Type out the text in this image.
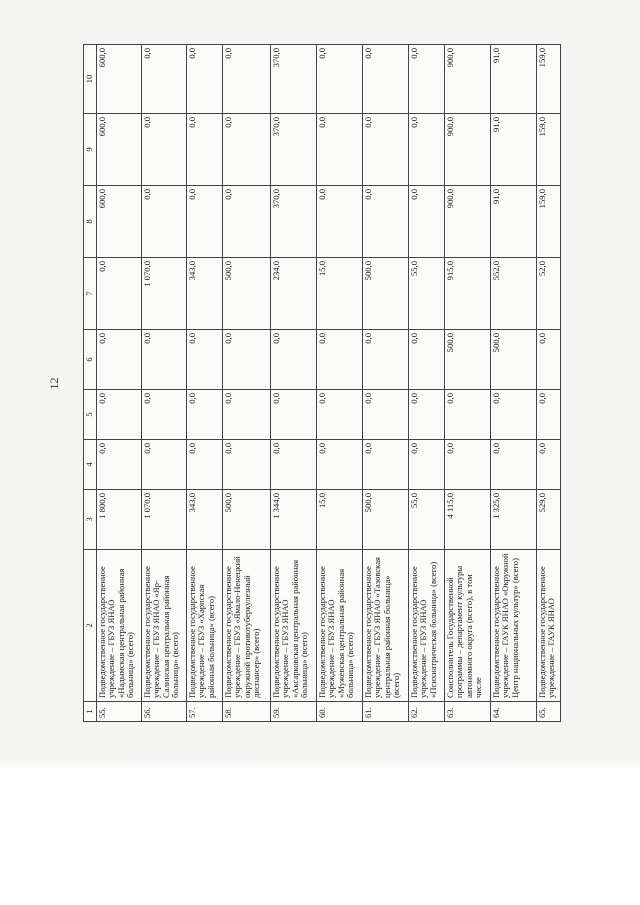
12
1	2	3	4	5	6	7	8	9	10
55.	Подведомственное государственное учреждение – ГБУЗ ЯНАО «Надымская центральная районная больница» (всего)	1 800,0	0,0	0,0	0,0	0,0	600,0	600,0	600,0
56.	Подведомственное государственное учреждение – ГБУЗ ЯНАО «Яр-Салинская центральная районная больница» (всего)	1 070,0	0,0	0,0	0,0	1 070,0	0,0	0,0	0,0
57.	Подведомственное государственное учреждение – ГБУЗ «Харпская районная больница» (всего)	343,0	0,0	0,0	0,0	343,0	0,0	0,0	0,0
58.	Подведомственное государственное учреждение – ГБУЗ «Ямало-Ненецкий окружной противотуберкулезный диспансер» (всего)	500,0	0,0	0,0	0,0	500,0	0,0	0,0	0,0
59.	Подведомственное государственное учреждение – ГБУЗ ЯНАО «Аксарковская центральная районная больница» (всего)	1 344,0	0,0	0,0	0,0	234,0	370,0	370,0	370,0
60.	Подведомственное государственное учреждение – ГБУЗ ЯНАО «Мужевская центральная районная больница» (всего)	15,0	0,0	0,0	0,0	15,0	0,0	0,0	0,0
61.	Подведомственное государственное учреждение – ГБУЗ ЯНАО «Тазовская центральная районная больница» (всего)	500,0	0,0	0,0	0,0	500,0	0,0	0,0	0,0
62.	Подведомственное государственное учреждение – ГБУЗ ЯНАО «Психиатрическая больница» (всего)	55,0	0,0	0,0	0,0	55,0	0,0	0,0	0,0
63.	Соисполнитель Государственной программы – департамент культуры автономного округа (всего), в том числе	4 115,0	0,0	0,0	500,0	915,0	900,0	900,0	900,0
64.	Подведомственное государственное учреждение – ГАУК ЯНАО «Окружной Центр национальных культур» (всего)	1 325,0	0,0	0,0	500,0	552,0	91,0	91,0	91,0
65.	Подведомственное государственное учреждение – ГАУК ЯНАО	529,0	0,0	0,0	0,0	52,0	159,0	159,0	159,0
